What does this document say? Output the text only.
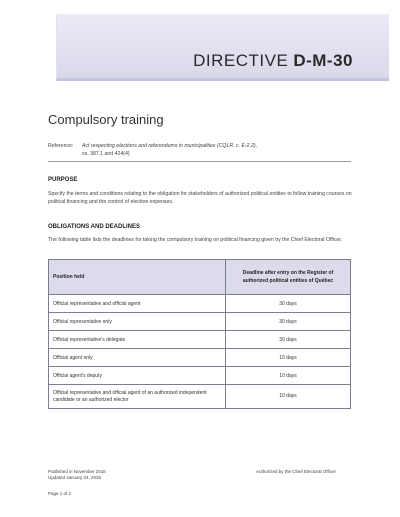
DIRECTIVE D-M-30
Compulsory training
Reference: Act respecting elections and referendums in municipalities (CQLR, c. E-2.2),
ss. 387.1 and 424(4)
PURPOSE
Specify the terms and conditions relating to the obligation for stakeholders of authorized political entities to follow training courses on political financing and the control of election expenses.
OBLIGATIONS AND DEADLINES
The following table lists the deadlines for taking the compulsory training on political financing given by the Chief Electoral Officer.
Position held	Deadline after entry on the Register of authorized political entities of Québec
Official representative and official agent	30 days
Official representative only	30 days
Official representative's delegate	30 days
Official agent only	10 days
Official agent's deputy	10 days
Official representative and official agent of an authorized independent candidate or an authorized elector	10 days
Published in November 2016
Updated January 24, 2025
Authorized by the Chief Electoral Officer
Page 1 of 2
